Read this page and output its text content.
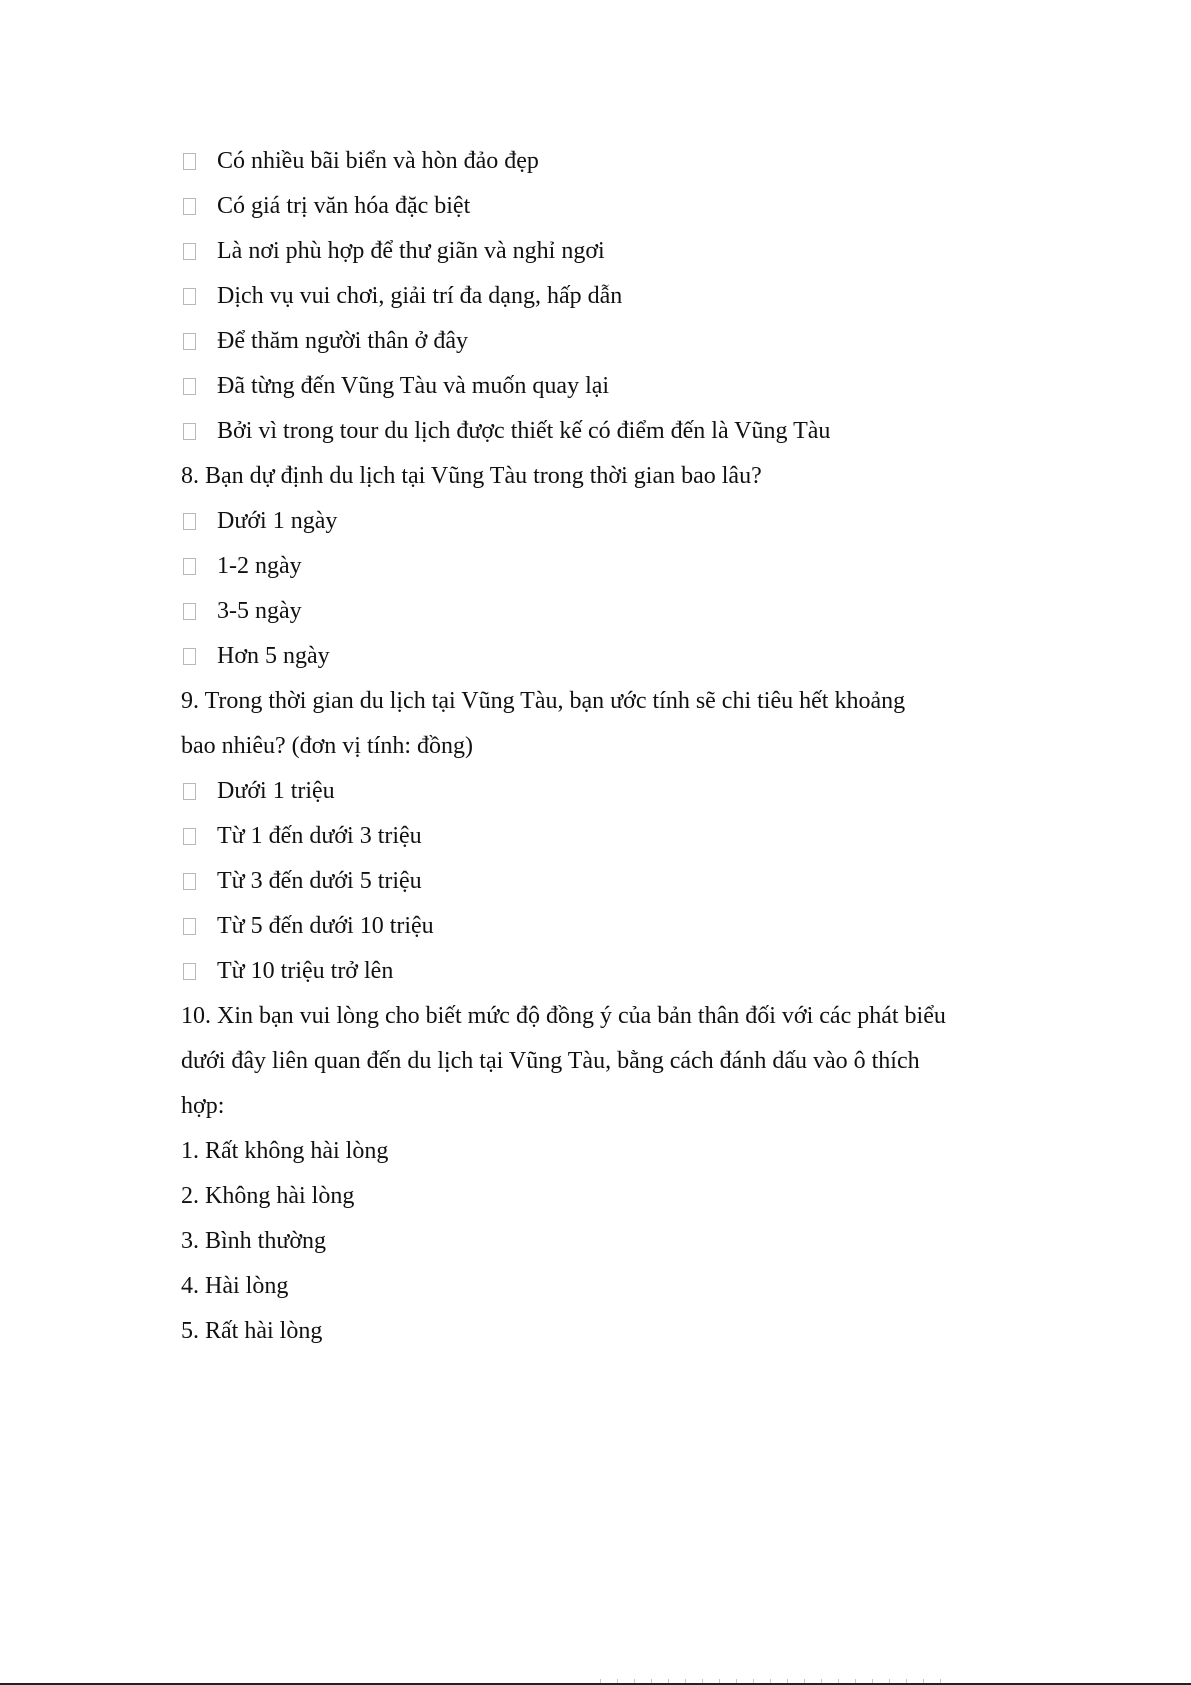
Có nhiều bãi biển và hòn đảo đẹp
Có giá trị văn hóa đặc biệt
Là nơi phù hợp để thư giãn và nghỉ ngơi
Dịch vụ vui chơi, giải trí đa dạng, hấp dẫn
Để thăm người thân ở đây
Đã từng đến Vũng Tàu và muốn quay lại
Bởi vì trong tour du lịch được thiết kế có điểm đến là Vũng Tàu
8. Bạn dự định du lịch tại Vũng Tàu trong thời gian bao lâu?
Dưới 1 ngày
1-2 ngày
3-5 ngày
Hơn 5 ngày
9. Trong thời gian du lịch tại Vũng Tàu, bạn ước tính sẽ chi tiêu hết khoảng
bao nhiêu? (đơn vị tính: đồng)
Dưới 1 triệu
Từ 1 đến dưới 3 triệu
Từ 3 đến dưới 5 triệu
Từ 5 đến dưới 10 triệu
Từ 10 triệu trở lên
10. Xin bạn vui lòng cho biết mức độ đồng ý của bản thân đối với các phát biểu
dưới đây liên quan đến du lịch tại Vũng Tàu, bằng cách đánh dấu vào ô thích
hợp:
1. Rất không hài lòng
2. Không hài lòng
3. Bình thường
4. Hài lòng
5. Rất hài lòng
